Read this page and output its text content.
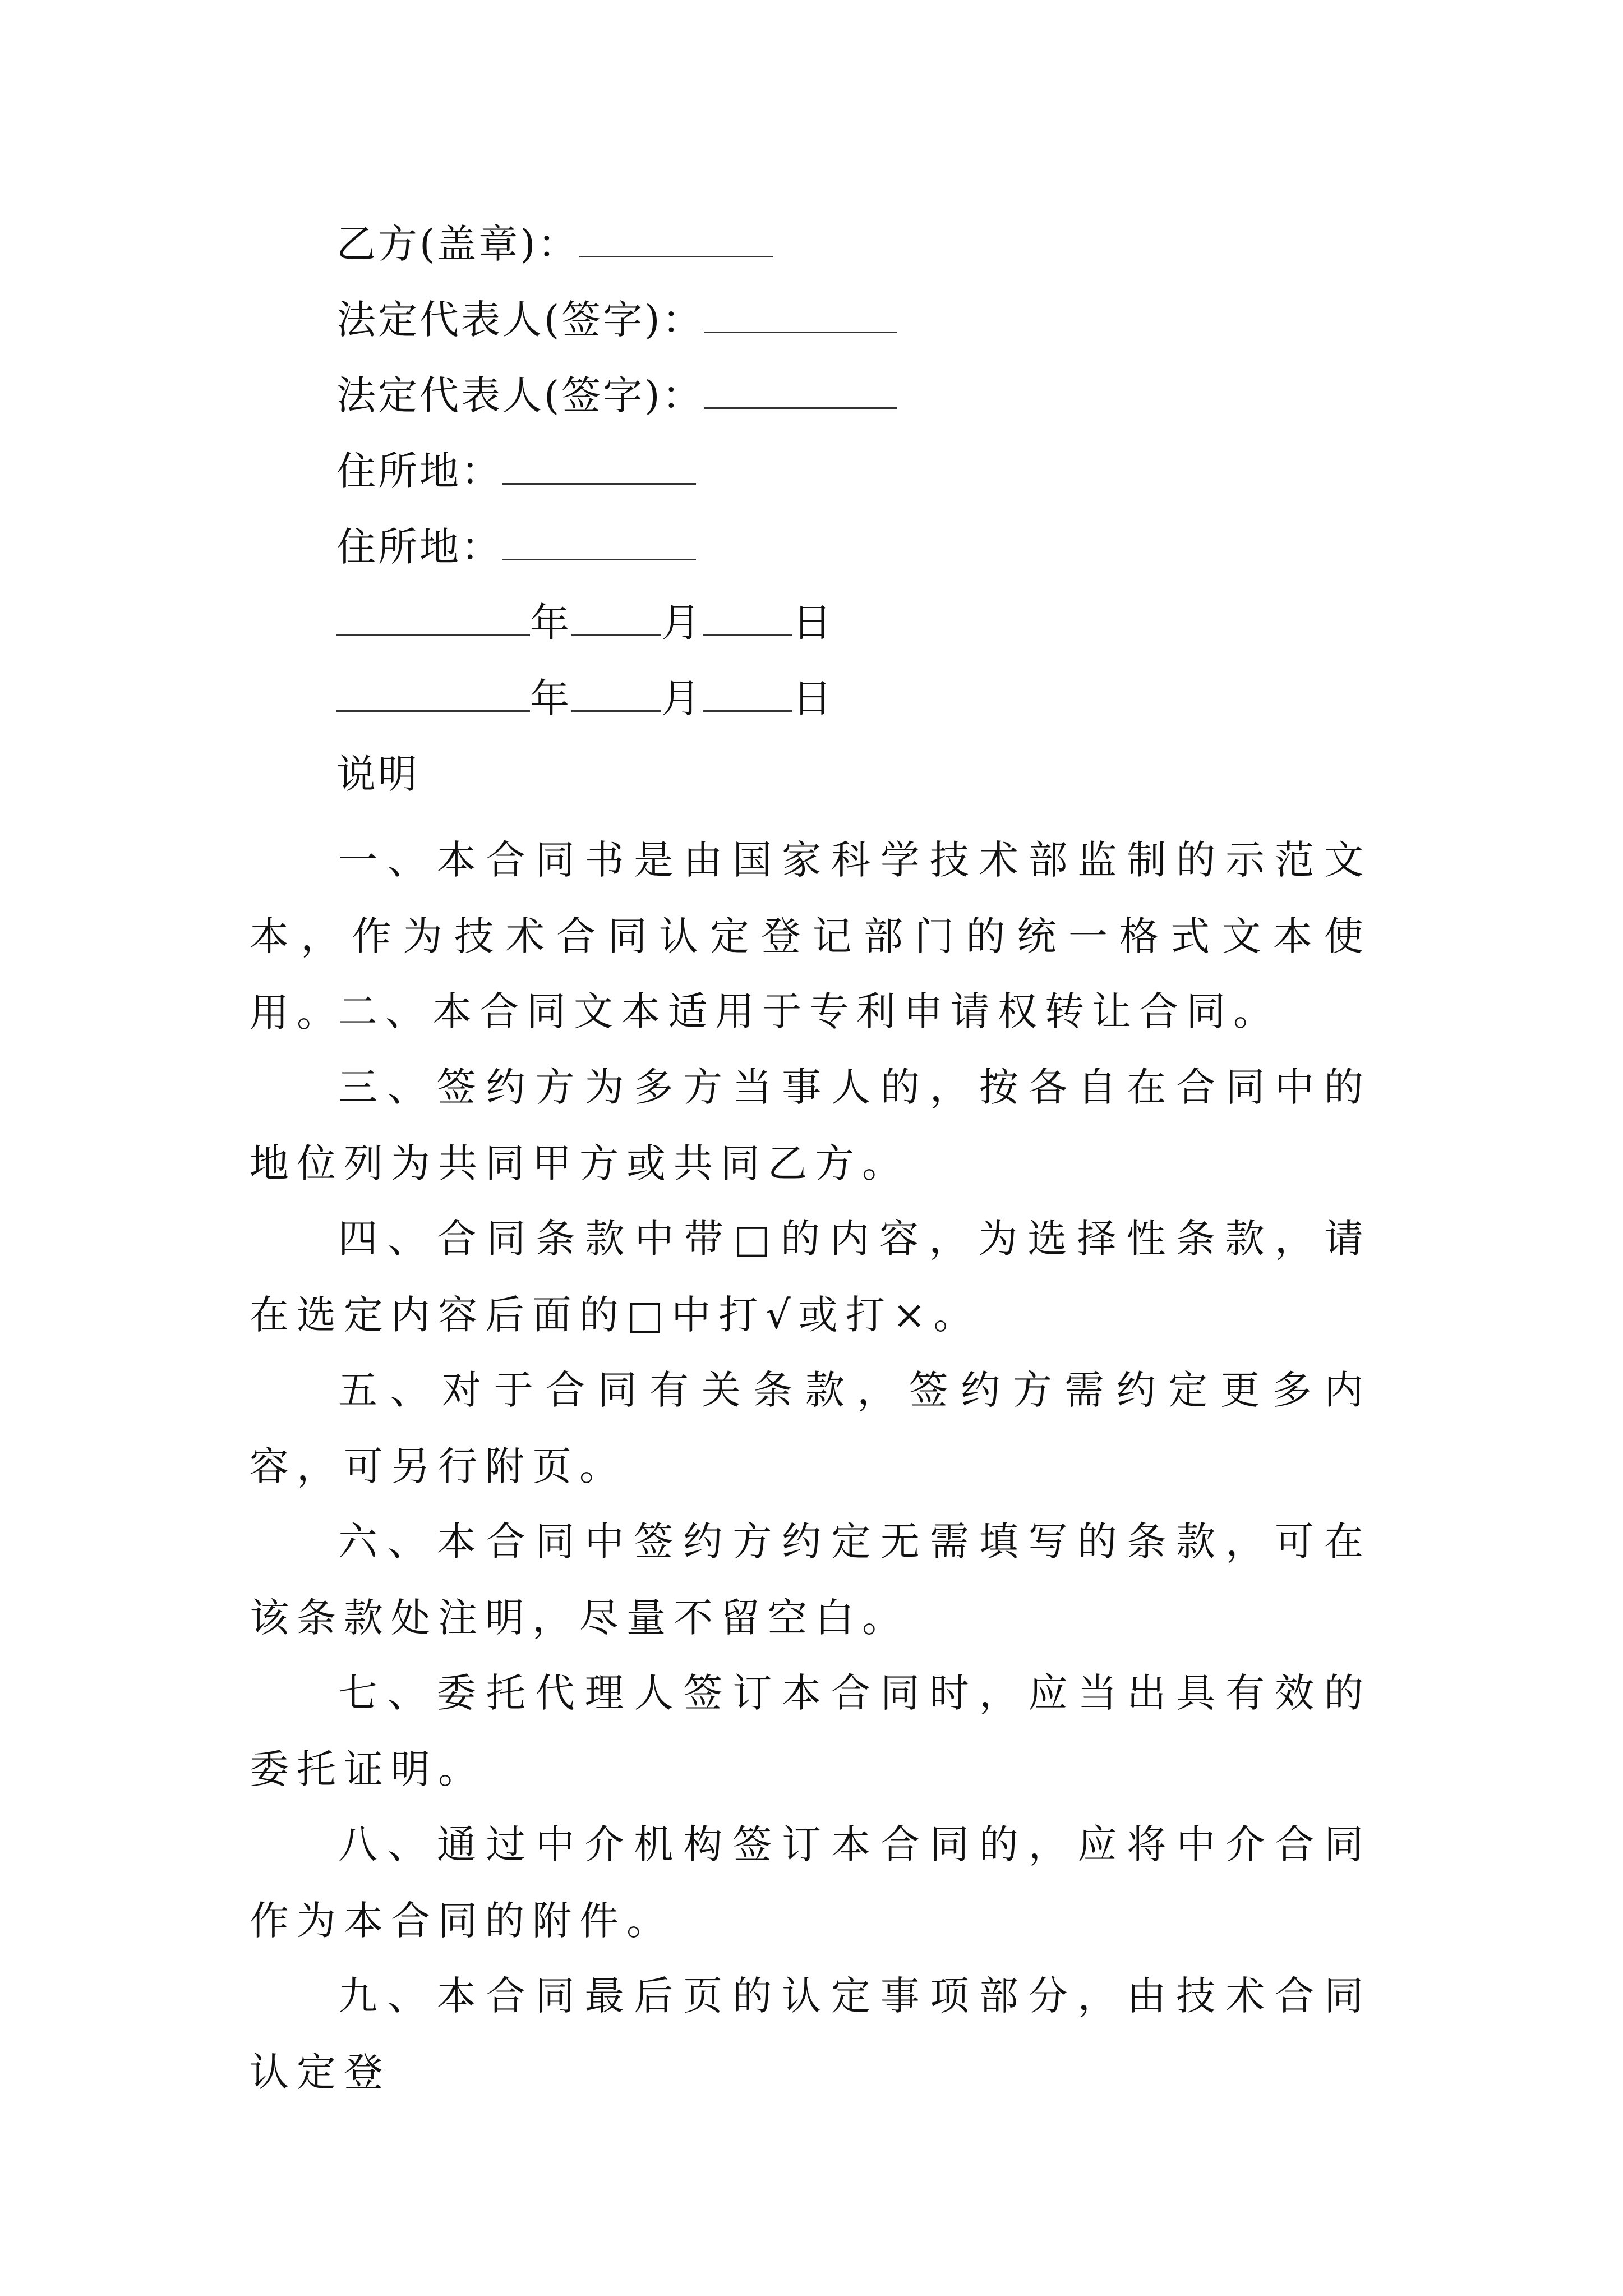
乙方(盖章)：
法定代表人(签字)：
法定代表人(签字)：
住所地：
住所地：
年 月 日
年 月 日
说明
一、本合同书是由国家科学技术部监制的示范文本，作为技术合同认定登记部门的统一格式文本使用。
二、本合同文本适用于专利申请权转让合同。
三、签约方为多方当事人的，按各自在合同中的地位列为共同甲方或共同乙方。
四、合同条款中带□的内容，为选择性条款，请在选定内容后面的□中打√或打×。
五、对于合同有关条款，签约方需约定更多内容，可另行附页。
六、本合同中签约方约定无需填写的条款，可在该条款处注明，尽量不留空白。
七、委托代理人签订本合同时，应当出具有效的委托证明。
八、通过中介机构签订本合同的，应将中介合同作为本合同的附件。
九、本合同最后页的认定事项部分，由技术合同认定登
